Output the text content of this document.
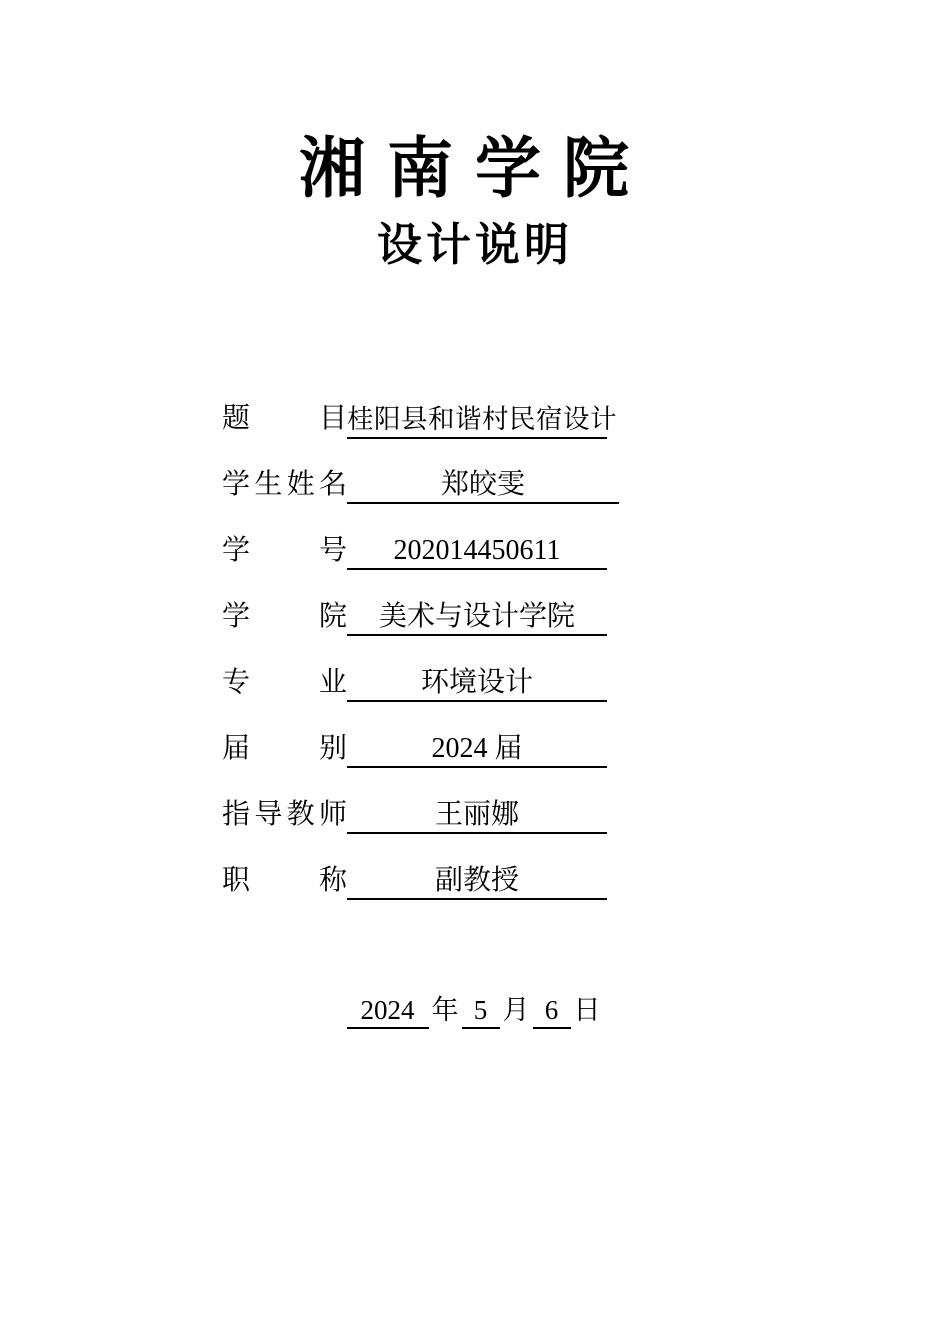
湘南学院
设计说明
题目 桂阳县和谐村民宿设计
学生姓名	郑皎雯
学号	202014450611
学院	美术与设计学院
专业	环境设计
届别	2024 届
指导教师	王丽娜
职称	副教授
2024 年 5 月 6 日
